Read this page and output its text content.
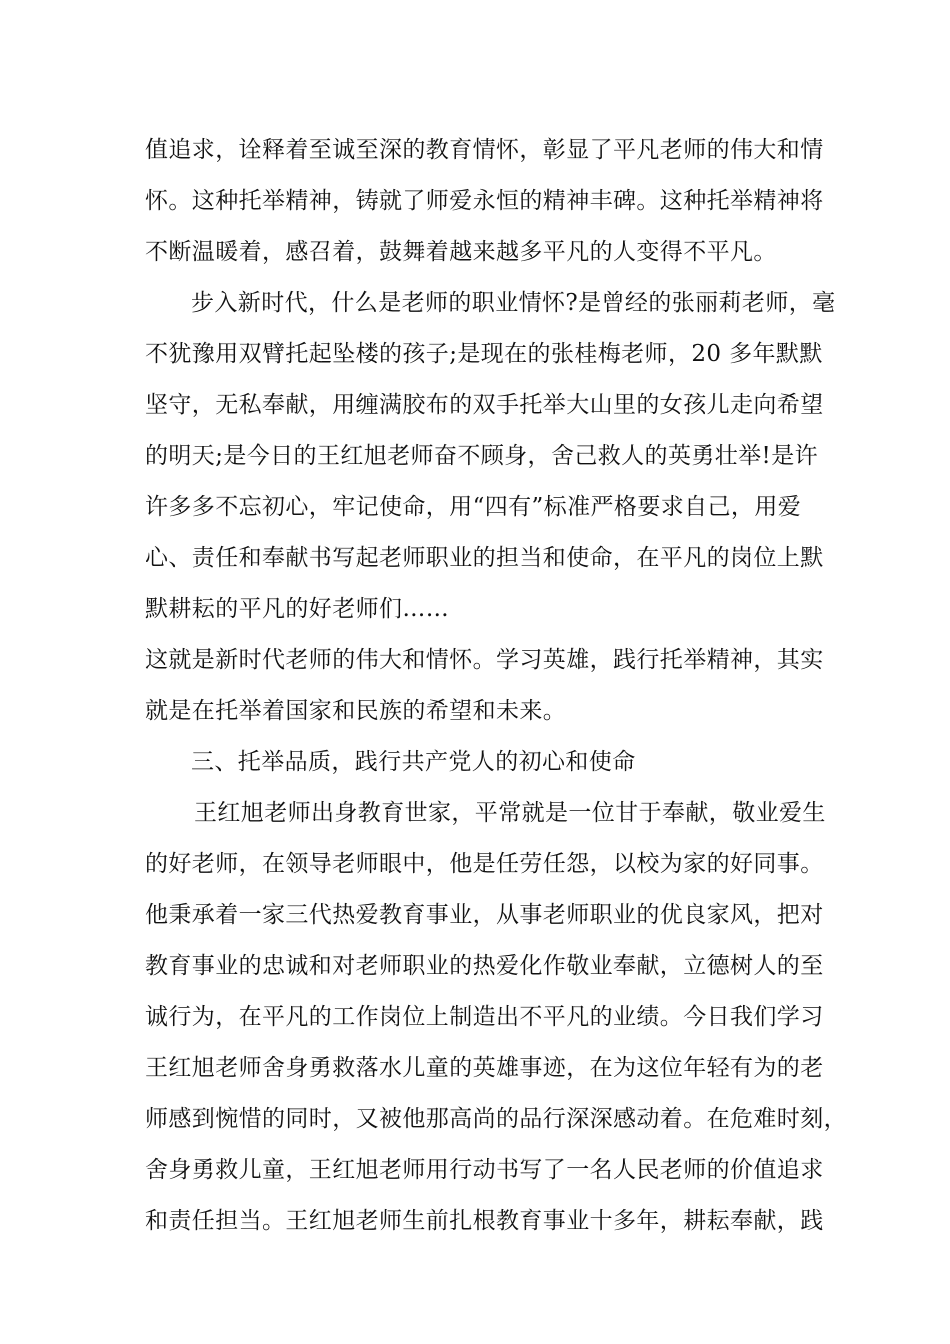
值追求，诠释着至诚至深的教育情怀，彰显了平凡老师的伟大和情
怀。这种托举精神，铸就了师爱永恒的精神丰碑。这种托举精神将
不断温暖着，感召着，鼓舞着越来越多平凡的人变得不平凡。
步入新时代，什么是老师的职业情怀?是曾经的张丽莉老师，毫
不犹豫用双臂托起坠楼的孩子;是现在的张桂梅老师，20 多年默默
坚守，无私奉献，用缠满胶布的双手托举大山里的女孩儿走向希望
的明天;是今日的王红旭老师奋不顾身，舍己救人的英勇壮举!是许
许多多不忘初心，牢记使命，用“四有”标准严格要求自己，用爱
心、责任和奉献书写起老师职业的担当和使命，在平凡的岗位上默
默耕耘的平凡的好老师们……
这就是新时代老师的伟大和情怀。学习英雄，践行托举精神，其实
就是在托举着国家和民族的希望和未来。
三、托举品质，践行共产党人的初心和使命
王红旭老师出身教育世家，平常就是一位甘于奉献，敬业爱生
的好老师，在领导老师眼中，他是任劳任怨，以校为家的好同事。
他秉承着一家三代热爱教育事业，从事老师职业的优良家风，把对
教育事业的忠诚和对老师职业的热爱化作敬业奉献，立德树人的至
诚行为，在平凡的工作岗位上制造出不平凡的业绩。今日我们学习
王红旭老师舍身勇救落水儿童的英雄事迹，在为这位年轻有为的老
师感到惋惜的同时，又被他那高尚的品行深深感动着。在危难时刻，
舍身勇救儿童，王红旭老师用行动书写了一名人民老师的价值追求
和责任担当。王红旭老师生前扎根教育事业十多年，耕耘奉献，践
